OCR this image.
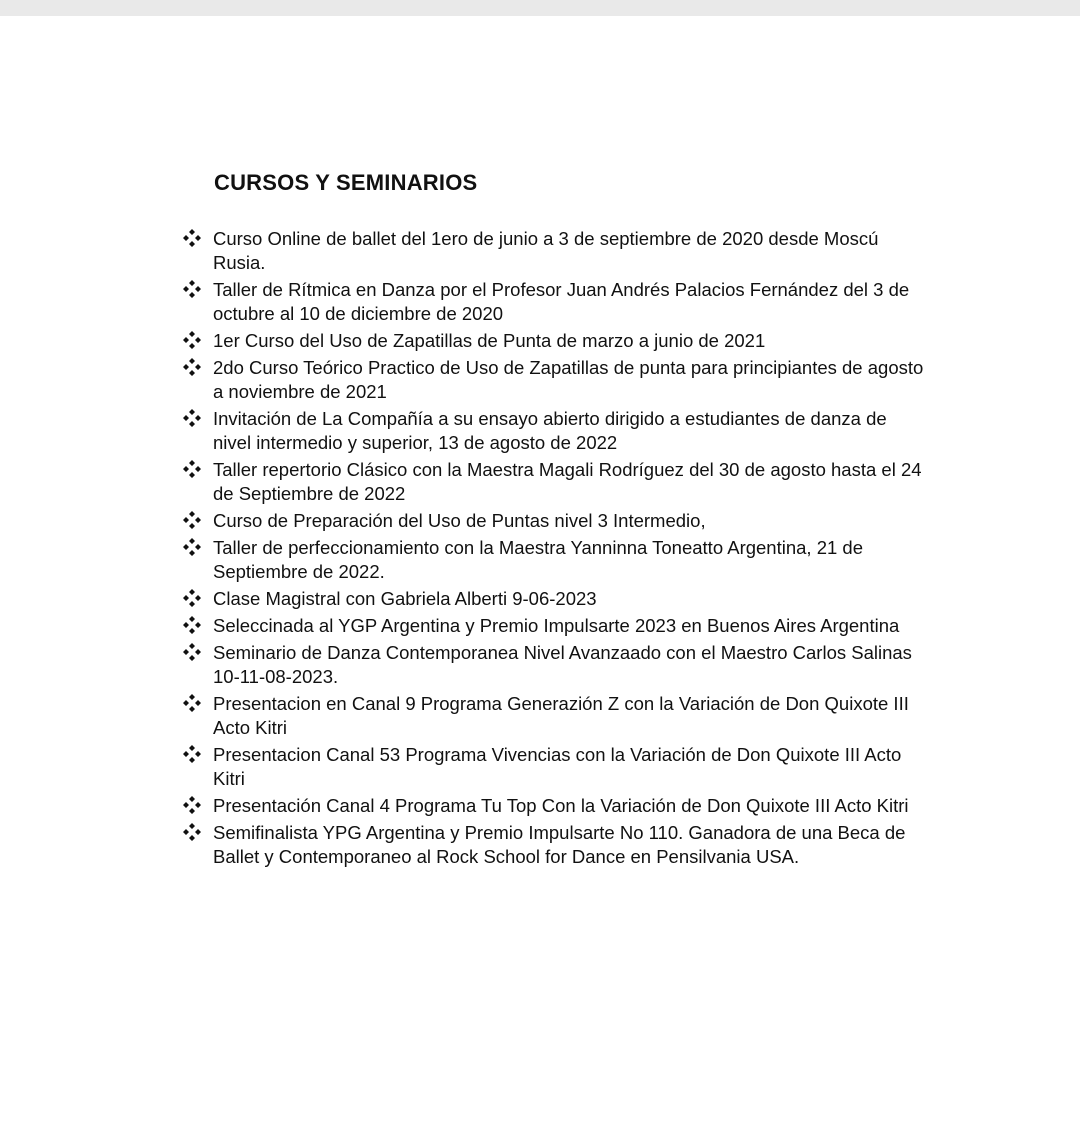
CURSOS Y SEMINARIOS
Curso Online de ballet del 1ero de junio a 3 de septiembre de 2020 desde Moscú Rusia.
Taller de Rítmica en Danza por el Profesor Juan Andrés Palacios Fernández del 3 de octubre al 10 de diciembre de 2020
1er Curso del Uso de Zapatillas de Punta de marzo a junio de 2021
2do Curso Teórico Practico de Uso de Zapatillas de punta para principiantes de agosto a noviembre de 2021
Invitación de La Compañía a su ensayo abierto dirigido a estudiantes de danza de nivel intermedio y superior, 13 de agosto de 2022
Taller repertorio Clásico con la Maestra Magali Rodríguez del 30 de agosto hasta el 24 de Septiembre de 2022
Curso de Preparación del Uso de Puntas nivel 3 Intermedio,
Taller de perfeccionamiento con la Maestra Yanninna Toneatto Argentina, 21 de Septiembre de 2022.
Clase Magistral con Gabriela Alberti 9-06-2023
Seleccinada al YGP Argentina y Premio Impulsarte 2023 en Buenos Aires Argentina
Seminario de Danza Contemporanea Nivel Avanzaado con el Maestro Carlos Salinas 10-11-08-2023.
Presentacion en Canal 9 Programa Generazión Z con la Variación de Don Quixote III Acto Kitri
Presentacion Canal 53 Programa Vivencias con la Variación de Don Quixote III Acto Kitri
Presentación Canal 4 Programa Tu Top Con la Variación de Don Quixote III Acto Kitri
Semifinalista YPG Argentina y Premio Impulsarte No 110. Ganadora de una Beca de Ballet y Contemporaneo al Rock School for Dance en Pensilvania USA.
